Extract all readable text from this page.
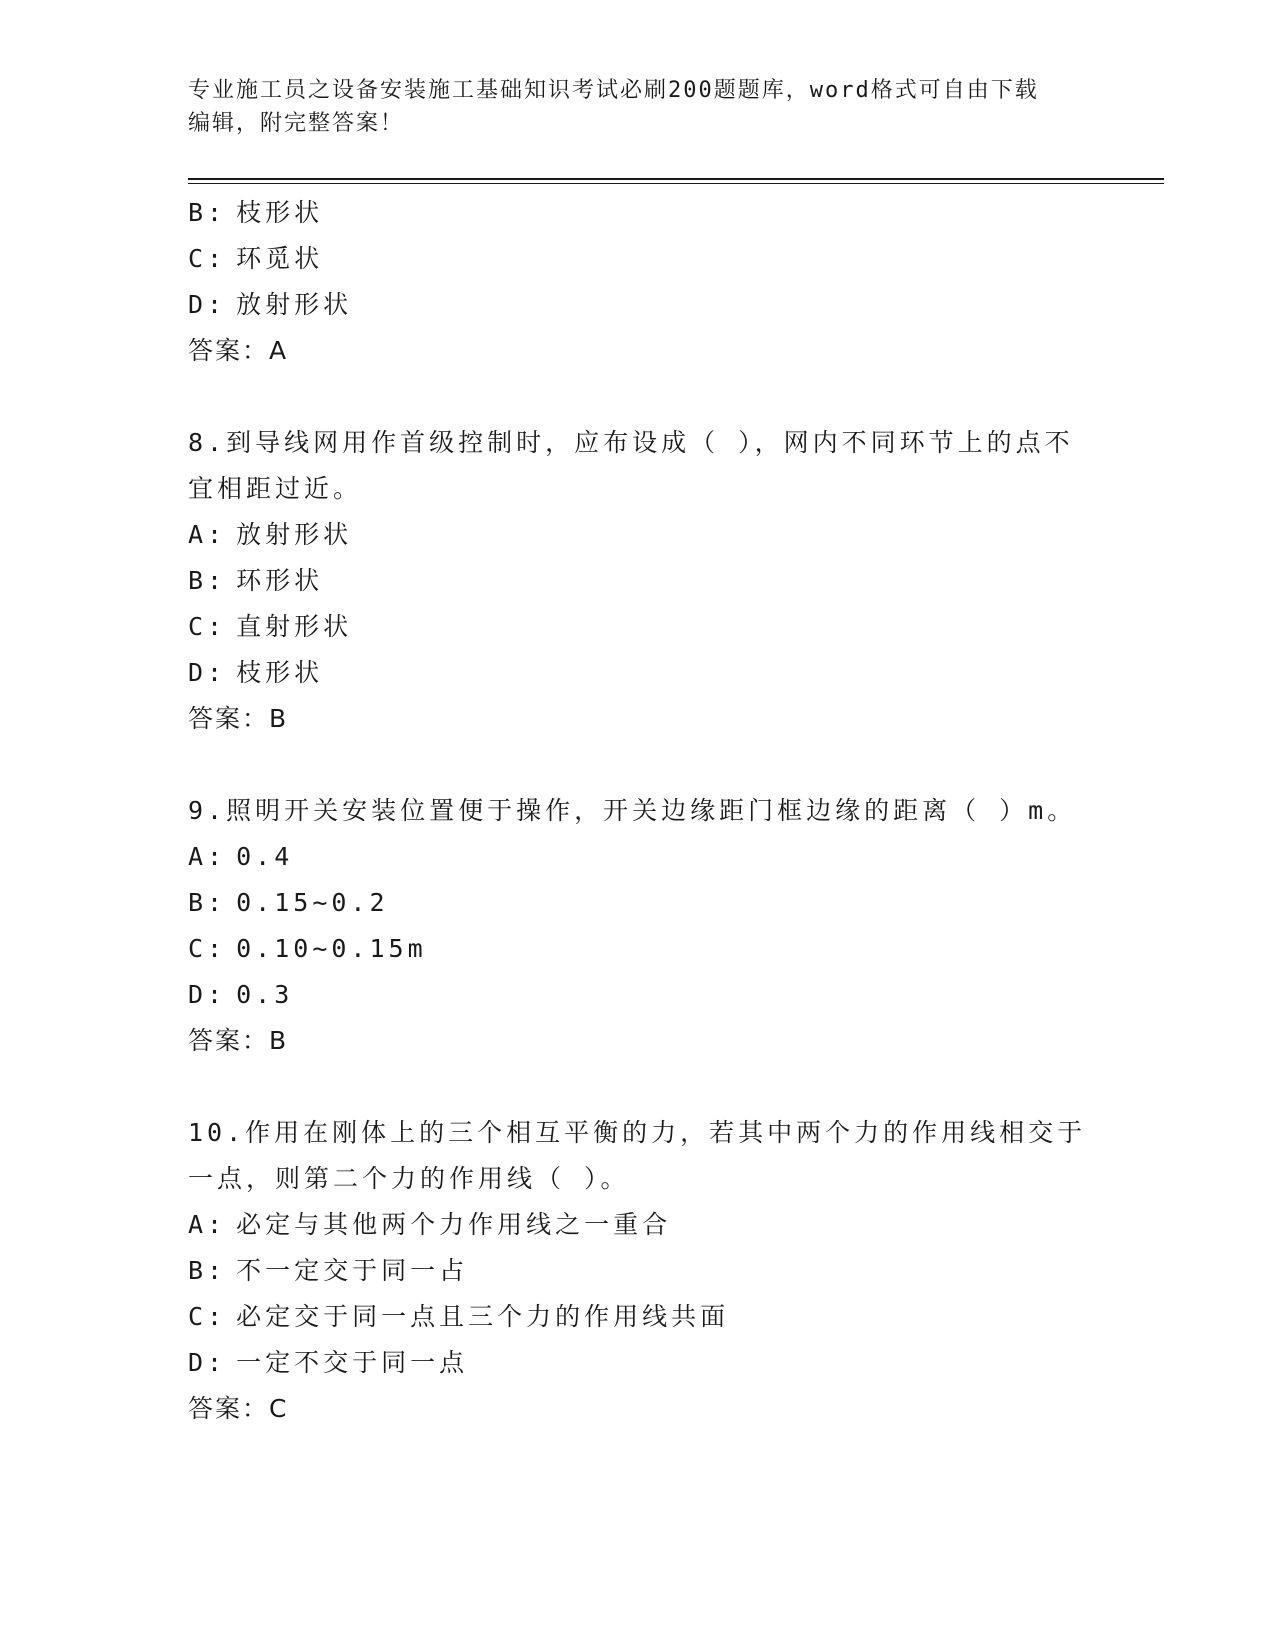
专业施工员之设备安装施工基础知识考试必刷200题题库，word格式可自由下载
编辑，附完整答案！
B: 枝形状
C: 环觅状
D: 放射形状
答案：A
8.到导线网用作首级控制时，应布设成（ ），网内不同环节上的点不
宜相距过近。
A: 放射形状
B: 环形状
C: 直射形状
D: 枝形状
答案：B
9.照明开关安装位置便于操作，开关边缘距门框边缘的距离（ ）m。
A: 0.4
B: 0.15~0.2
C: 0.10~0.15m
D: 0.3
答案：B
10.作用在刚体上的三个相互平衡的力，若其中两个力的作用线相交于
一点，则第二个力的作用线（ ）。
A: 必定与其他两个力作用线之一重合
B: 不一定交于同一占
C: 必定交于同一点且三个力的作用线共面
D: 一定不交于同一点
答案：C
